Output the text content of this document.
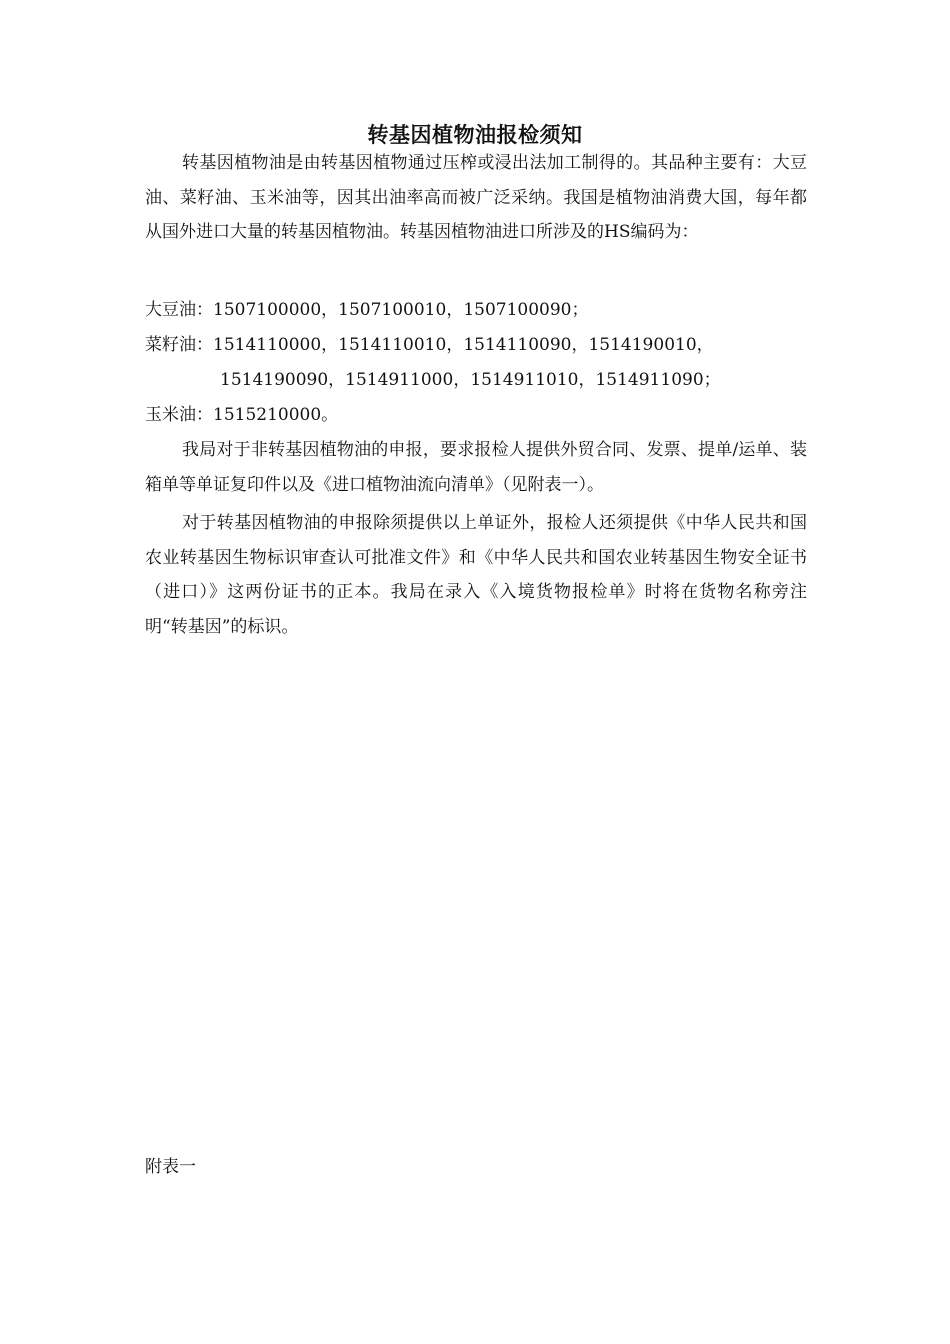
转基因植物油报检须知

转基因植物油是由转基因植物通过压榨或浸出法加工制得的。其品种主要有：大豆油、菜籽油、玉米油等，因其出油率高而被广泛采纳。我国是植物油消费大国，每年都从国外进口大量的转基因植物油。转基因植物油进口所涉及的HS编码为：

大豆油：1507100000，1507100010，1507100090；

菜籽油：1514110000，1514110010，1514110090，1514190010，

1514190090，1514911000，1514911010，1514911090；

玉米油：1515210000。

我局对于非转基因植物油的申报，要求报检人提供外贸合同、发票、提单/运单、装箱单等单证复印件以及《进口植物油流向清单》（见附表一）。

对于转基因植物油的申报除须提供以上单证外，报检人还须提供《中华人民共和国农业转基因生物标识审查认可批准文件》和《中华人民共和国农业转基因生物安全证书（进口）》这两份证书的正本。我局在录入《入境货物报检单》时将在货物名称旁注明“转基因”的标识。

附表一
